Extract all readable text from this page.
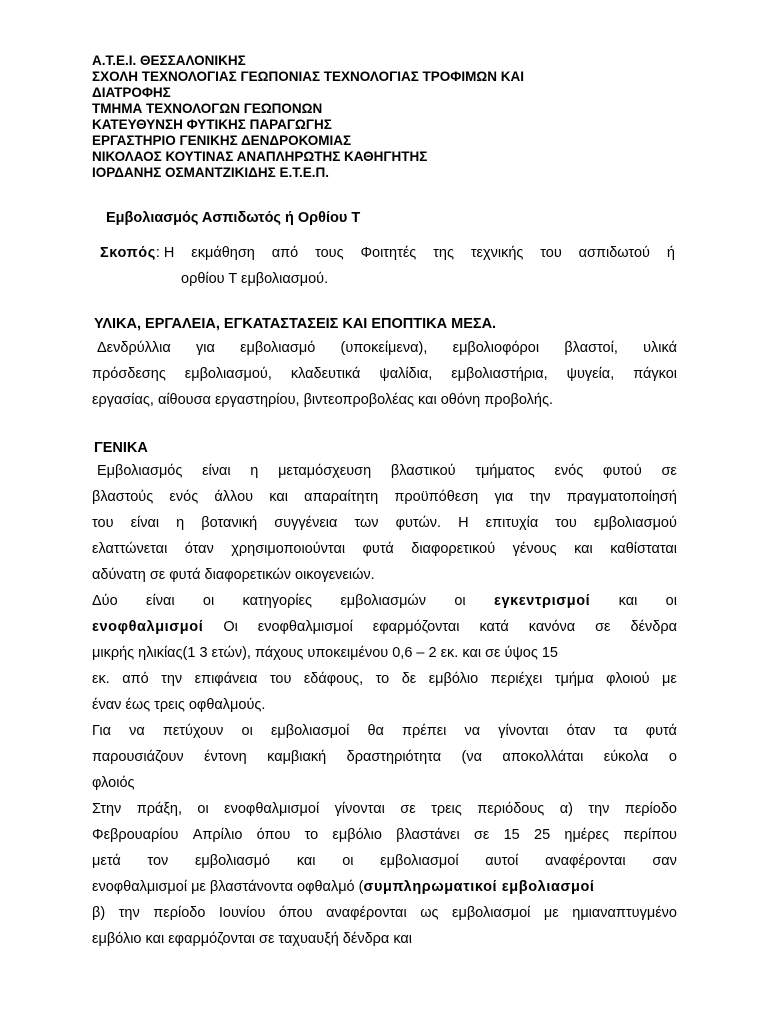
Α.Τ.Ε.Ι. ΘΕΣΣΑΛΟΝΙΚΗΣ
ΣΧΟΛΗ ΤΕΧΝΟΛΟΓΙΑΣ ΓΕΩΠΟΝΙΑΣ ΤΕΧΝΟΛΟΓΙΑΣ ΤΡΟΦΙΜΩΝ ΚΑΙ
ΔΙΑΤΡΟΦΗΣ
ΤΜΗΜΑ ΤΕΧΝΟΛΟΓΩΝ ΓΕΩΠΟΝΩΝ
ΚΑΤΕΥΘΥΝΣΗ ΦΥΤΙΚΗΣ ΠΑΡΑΓΩΓΗΣ
ΕΡΓΑΣΤΗΡΙΟ ΓΕΝΙΚΗΣ ΔΕΝΔΡΟΚΟΜΙΑΣ
ΝΙΚΟΛΑΟΣ ΚΟΥΤΙΝΑΣ ΑΝΑΠΛΗΡΩΤΗΣ ΚΑΘΗΓΗΤΗΣ
ΙΟΡΔΑΝΗΣ ΟΣΜΑΝΤΖΙΚΙΔΗΣ Ε.Τ.Ε.Π.
Εμβολιασμός Ασπιδωτός ή Ορθίου Τ
Σκοπός: Η εκμάθηση από τους Φοιτητές της τεχνικής του ασπιδωτού ή
ορθίου Τ εμβολιασμού.
ΥΛΙΚΑ, ΕΡΓΑΛΕΙΑ, ΕΓΚΑΤΑΣΤΑΣΕΙΣ ΚΑΙ ΕΠΟΠΤΙΚΑ ΜΕΣΑ.
Δενδρύλλια για εμβολιασμό (υποκείμενα), εμβολιοφόροι βλαστοί, υλικά
πρόσδεσης εμβολιασμού, κλαδευτικά ψαλίδια, εμβολιαστήρια, ψυγεία, πάγκοι
εργασίας, αίθουσα εργαστηρίου, βιντεοπροβολέας και οθόνη προβολής.
ΓΕΝΙΚΑ
Εμβολιασμός είναι η μεταμόσχευση βλαστικού τμήματος ενός φυτού σε
βλαστούς ενός άλλου και απαραίτητη προϋπόθεση για την πραγματοποίησή
του είναι η βοτανική συγγένεια των φυτών. Η επιτυχία του εμβολιασμού
ελαττώνεται όταν χρησιμοποιούνται φυτά διαφορετικού γένους και καθίσταται
αδύνατη σε φυτά διαφορετικών οικογενειών.
Δύο είναι οι κατηγορίες εμβολιασμών οι εγκεντρισμοί και οι
ενοφθαλμισμοί Οι ενοφθαλμισμοί εφαρμόζονται κατά κανόνα σε δένδρα
μικρής ηλικίας(1 3 ετών), πάχους υποκειμένου 0,6 – 2 εκ. και σε ύψος 15
εκ. από την επιφάνεια του εδάφους, το δε εμβόλιο περιέχει τμήμα φλοιού με
έναν έως τρεις οφθαλμούς.
Για να πετύχουν οι εμβολιασμοί θα πρέπει να γίνονται όταν τα φυτά
παρουσιάζουν έντονη καμβιακή δραστηριότητα (να αποκολλάται εύκολα ο
φλοιός
Στην πράξη, οι ενοφθαλμισμοί γίνονται σε τρεις περιόδους α) την περίοδο
Φεβρουαρίου Απρίλιο όπου το εμβόλιο βλαστάνει σε 15 25 ημέρες περίπου
μετά τον εμβολιασμό και οι εμβολιασμοί αυτοί αναφέρονται σαν
ενοφθαλμισμοί με βλαστάνοντα οφθαλμό (συμπληρωματικοί εμβολιασμοί
β) την περίοδο Ιουνίου όπου αναφέρονται ως εμβολιασμοί με ημιαναπτυγμένο
εμβόλιο και εφαρμόζονται σε ταχυαυξή δένδρα και
